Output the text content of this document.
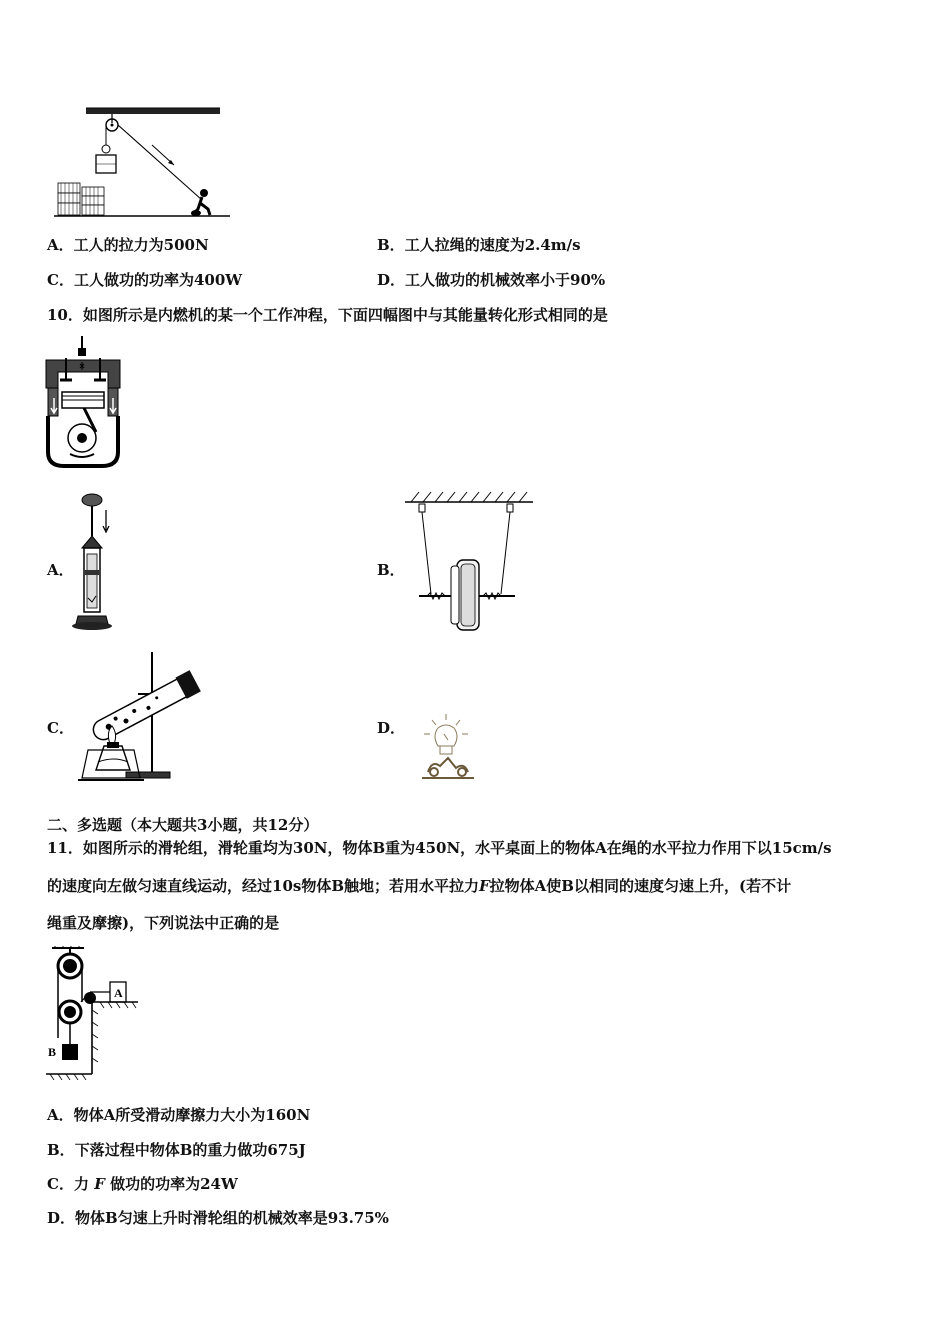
A．工人的拉力为500N	B．工人拉绳的速度为2.4m/s
C．工人做功的功率为400W	D．工人做功的机械效率小于90%
10．如图所示是内燃机的某一个工作冲程，下面四幅图中与其能量转化形式相同的是
A．	B．
C．	D．
二、多选题（本大题共3小题，共12分）
11．如图所示的滑轮组，滑轮重均为30N，物体B重为450N，水平桌面上的物体A在绳的水平拉力作用下以15cm/s
的速度向左做匀速直线运动，经过10s物体B触地；若用水平拉力F拉物体A使B以相同的速度匀速上升，(若不计
绳重及摩擦)，下列说法中正确的是
B
A
A．物体A所受滑动摩擦力大小为160N
B．下落过程中物体B的重力做功675J
C．力 F 做功的功率为24W
D．物体B匀速上升时滑轮组的机械效率是93.75%
